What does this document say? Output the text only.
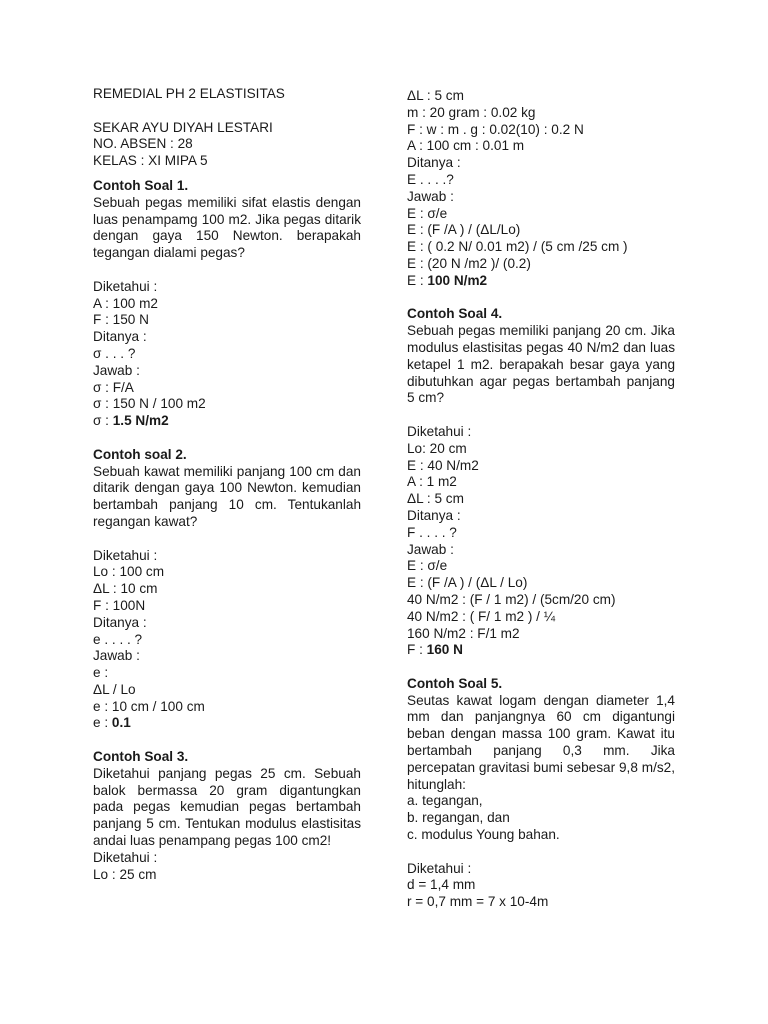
REMEDIAL PH 2 ELASTISITAS
SEKAR AYU DIYAH LESTARI
NO. ABSEN : 28
KELAS : XI MIPA 5
Contoh Soal 1.
Sebuah pegas memiliki sifat elastis dengan luas penampamg 100 m2. Jika pegas ditarik dengan gaya 150 Newton. berapakah tegangan dialami pegas?
Diketahui :
A : 100 m2
F : 150 N
Ditanya :
σ . . . ?
Jawab :
σ : F/A
σ : 150 N / 100 m2
σ : 1.5 N/m2
Contoh soal 2.
Sebuah kawat memiliki panjang 100 cm dan ditarik dengan gaya 100 Newton. kemudian bertambah panjang 10 cm. Tentukanlah regangan kawat?
Diketahui :
Lo : 100 cm
ΔL : 10 cm
F : 100N
Ditanya :
e . . . . ?
Jawab :
e :
ΔL / Lo
e : 10 cm / 100 cm
e : 0.1
Contoh Soal 3.
Diketahui panjang pegas 25 cm. Sebuah balok bermassa 20 gram digantungkan pada pegas kemudian pegas bertambah panjang 5 cm. Tentukan modulus elastisitas andai luas penampang pegas 100 cm2!
Diketahui :
Lo : 25 cm
ΔL : 5 cm
m : 20 gram : 0.02 kg
F : w : m . g : 0.02(10) : 0.2 N
A : 100 cm : 0.01 m
Ditanya :
E . . . .?
Jawab :
E : σ/e
E : (F /A ) / (ΔL/Lo)
E : ( 0.2 N/ 0.01 m2) / (5 cm /25 cm )
E : (20 N /m2 )/ (0.2)
E : 100 N/m2
Contoh Soal 4.
Sebuah pegas memiliki panjang 20 cm. Jika modulus elastisitas pegas 40 N/m2 dan luas ketapel 1 m2. berapakah besar gaya yang dibutuhkan agar pegas bertambah panjang 5 cm?
Diketahui :
Lo: 20 cm
E : 40 N/m2
A : 1 m2
ΔL : 5 cm
Ditanya :
F . . . . ?
Jawab :
E : σ/e
E : (F /A ) / (ΔL / Lo)
40 N/m2 : (F / 1 m2) / (5cm/20 cm)
40 N/m2 : ( F/ 1 m2 ) / ¼
160 N/m2 : F/1 m2
F : 160 N
Contoh Soal 5.
Seutas kawat logam dengan diameter 1,4 mm dan panjangnya 60 cm digantungi beban dengan massa 100 gram. Kawat itu bertambah panjang 0,3 mm. Jika percepatan gravitasi bumi sebesar 9,8 m/s2, hitunglah:
a. tegangan,
b. regangan, dan
c. modulus Young bahan.
Diketahui :
d = 1,4 mm
r = 0,7 mm = 7 x 10-4m
